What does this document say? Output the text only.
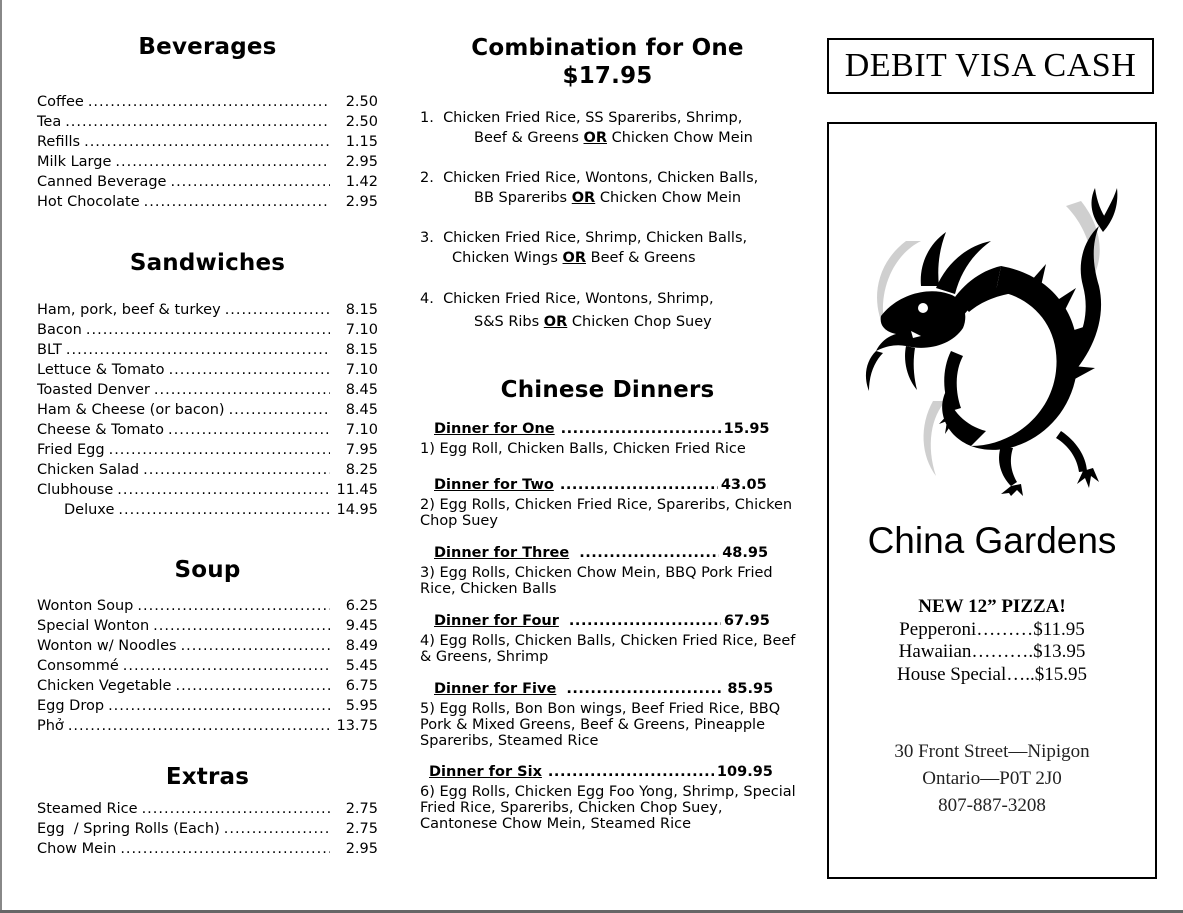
Beverages
Coffee .....	2.50
Tea .....	2.50
Refills .....	1.15
Milk Large .....	2.95
Canned Beverage .....	1.42
Hot Chocolate .....	2.95
Sandwiches
Ham, pork, beef & turkey .....	8.15
Bacon .....	7.10
BLT .....	8.15
Lettuce & Tomato .....	7.10
Toasted Denver .....	8.45
Ham & Cheese (or bacon) .....	8.45
Cheese & Tomato .....	7.10
Fried Egg .....	7.95
Chicken Salad .....	8.25
Clubhouse .....	11.45
Deluxe .....	14.95
Soup
Wonton Soup .....	6.25
Special Wonton .....	9.45
Wonton w/ Noodles .....	8.49
Consommé .....	5.45
Chicken Vegetable .....	6.75
Egg Drop .....	5.95
Phở .....	13.75
Extras
Steamed Rice .....	2.75
Egg  / Spring Rolls (Each) .....	2.75
Chow Mein .....	2.95
Combination for One
$17.95
1. Chicken Fried Rice, SS Spareribs, Shrimp,
Beef & Greens OR Chicken Chow Mein
2. Chicken Fried Rice, Wontons, Chicken Balls,
BB Spareribs OR Chicken Chow Mein
3. Chicken Fried Rice, Shrimp, Chicken Balls,
Chicken Wings OR Beef & Greens
4. Chicken Fried Rice, Wontons, Shrimp,
S&S Ribs OR Chicken Chop Suey
Chinese Dinners
Dinner for One .....	15.95
1) Egg Roll, Chicken Balls, Chicken Fried Rice
Dinner for Two .....	43.05
2) Egg Rolls, Chicken Fried Rice, Spareribs, Chicken Chop Suey
Dinner for Three .....	48.95
3) Egg Rolls, Chicken Chow Mein, BBQ Pork Fried Rice, Chicken Balls
Dinner for Four .....	67.95
4) Egg Rolls, Chicken Balls, Chicken Fried Rice, Beef & Greens, Shrimp
Dinner for Five .....	85.95
5) Egg Rolls, Bon Bon wings, Beef Fried Rice, BBQ Pork & Mixed Greens, Beef & Greens, Pineapple Spareribs, Steamed Rice
Dinner for Six .....	109.95
6) Egg Rolls, Chicken Egg Foo Yong, Shrimp, Special Fried Rice, Spareribs, Chicken Chop Suey, Cantonese Chow Mein, Steamed Rice
DEBIT VISA CASH
China Gardens
NEW 12” PIZZA!
Pepperoni………$11.95
Hawaiian……….$13.95
House Special…..$15.95
30 Front Street—Nipigon
Ontario—P0T 2J0
807-887-3208
